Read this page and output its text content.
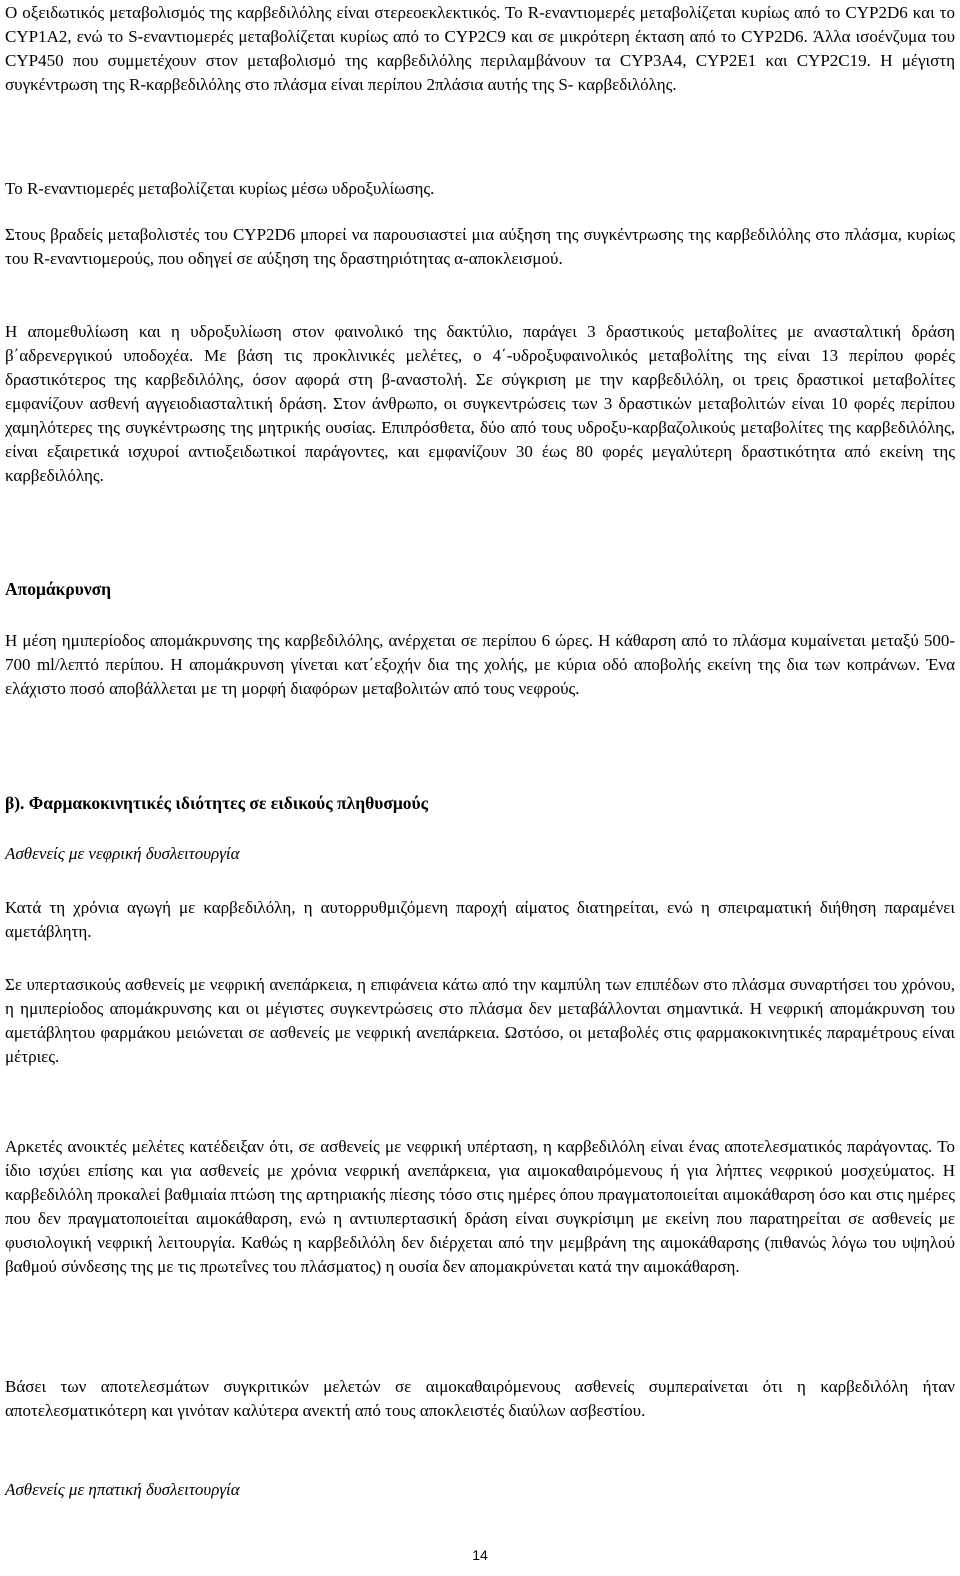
Ο οξειδωτικός μεταβολισμός της καρβεδιλόλης είναι στερεοεκλεκτικός. Το R-εναντιομερές μεταβολίζεται κυρίως από το CYP2D6 και το CYP1A2, ενώ το S-εναντιομερές μεταβολίζεται κυρίως από το CYP2C9 και σε μικρότερη έκταση από το CYP2D6. Άλλα ισοένζυμα του CYP450 που συμμετέχουν στον μεταβολισμό της καρβεδιλόλης περιλαμβάνουν τα CYP3A4, CYP2E1 και CYP2C19. Η μέγιστη συγκέντρωση της R-καρβεδιλόλης στο πλάσμα είναι περίπου 2πλάσια αυτής της S- καρβεδιλόλης.

Το R-εναντιομερές μεταβολίζεται κυρίως μέσω υδροξυλίωσης.

Στους βραδείς μεταβολιστές του CYP2D6 μπορεί να παρουσιαστεί μια αύξηση της συγκέντρωσης της καρβεδιλόλης στο πλάσμα, κυρίως του R-εναντιομερούς, που οδηγεί σε αύξηση της δραστηριότητας α-αποκλεισμού.

Η απομεθυλίωση και η υδροξυλίωση στον φαινολικό της δακτύλιο, παράγει 3 δραστικούς μεταβολίτες με ανασταλτική δράση β΄αδρενεργικού υποδοχέα. Με βάση τις προκλινικές μελέτες, ο 4΄-υδροξυφαινολικός μεταβολίτης της είναι 13 περίπου φορές δραστικότερος της καρβεδιλόλης, όσον αφορά στη β-αναστολή. Σε σύγκριση με την καρβεδιλόλη, οι τρεις δραστικοί μεταβολίτες εμφανίζουν ασθενή αγγειοδιασταλτική δράση. Στον άνθρωπο, οι συγκεντρώσεις των 3 δραστικών μεταβολιτών είναι 10 φορές περίπου χαμηλότερες της συγκέντρωσης της μητρικής ουσίας. Επιπρόσθετα, δύο από τους υδροξυ-καρβαζολικούς μεταβολίτες της καρβεδιλόλης, είναι εξαιρετικά ισχυροί αντιοξειδωτικοί παράγοντες, και εμφανίζουν 30 έως 80 φορές μεγαλύτερη δραστικότητα από εκείνη της καρβεδιλόλης.

Απομάκρυνση

Η μέση ημιπερίοδος απομάκρυνσης της καρβεδιλόλης, ανέρχεται σε περίπου 6 ώρες. Η κάθαρση από το πλάσμα κυμαίνεται μεταξύ 500-700 ml/λεπτό περίπου. Η απομάκρυνση γίνεται κατ΄εξοχήν δια της χολής, με κύρια οδό αποβολής εκείνη της δια των κοπράνων. Ένα ελάχιστο ποσό αποβάλλεται με τη μορφή διαφόρων μεταβολιτών από τους νεφρούς.

β). Φαρμακοκινητικές ιδιότητες σε ειδικούς πληθυσμούς
Ασθενείς με νεφρική δυσλειτουργία

Κατά τη χρόνια αγωγή με καρβεδιλόλη, η αυτορρυθμιζόμενη παροχή αίματος διατηρείται, ενώ η σπειραματική διήθηση παραμένει αμετάβλητη.

Σε υπερτασικούς ασθενείς με νεφρική ανεπάρκεια, η επιφάνεια κάτω από την καμπύλη των επιπέδων στο πλάσμα συναρτήσει του χρόνου, η ημιπερίοδος απομάκρυνσης και οι μέγιστες συγκεντρώσεις στο πλάσμα δεν μεταβάλλονται σημαντικά. Η νεφρική απομάκρυνση του αμετάβλητου φαρμάκου μειώνεται σε ασθενείς με νεφρική ανεπάρκεια. Ωστόσο, οι μεταβολές στις φαρμακοκινητικές παραμέτρους είναι μέτριες.

Αρκετές ανοικτές μελέτες κατέδειξαν ότι, σε ασθενείς με νεφρική υπέρταση, η καρβεδιλόλη είναι ένας αποτελεσματικός παράγοντας. Το ίδιο ισχύει επίσης και για ασθενείς με χρόνια νεφρική ανεπάρκεια, για αιμοκαθαιρόμενους ή για λήπτες νεφρικού μοσχεύματος. Η καρβεδιλόλη προκαλεί βαθμιαία πτώση της αρτηριακής πίεσης τόσο στις ημέρες όπου πραγματοποιείται αιμοκάθαρση όσο και στις ημέρες που δεν πραγματοποιείται αιμοκάθαρση, ενώ η αντιυπερτασική δράση είναι συγκρίσιμη με εκείνη που παρατηρείται σε ασθενείς με φυσιολογική νεφρική λειτουργία. Καθώς η καρβεδιλόλη δεν διέρχεται από την μεμβράνη της αιμοκάθαρσης (πιθανώς λόγω του υψηλού βαθμού σύνδεσης της με τις πρωτεΐνες του πλάσματος) η ουσία δεν απομακρύνεται κατά την αιμοκάθαρση.

Βάσει των αποτελεσμάτων συγκριτικών μελετών σε αιμοκαθαιρόμενους ασθενείς συμπεραίνεται ότι η καρβεδιλόλη ήταν αποτελεσματικότερη και γινόταν καλύτερα ανεκτή από τους αποκλειστές διαύλων ασβεστίου.

Ασθενείς με ηπατική δυσλειτουργία
14
